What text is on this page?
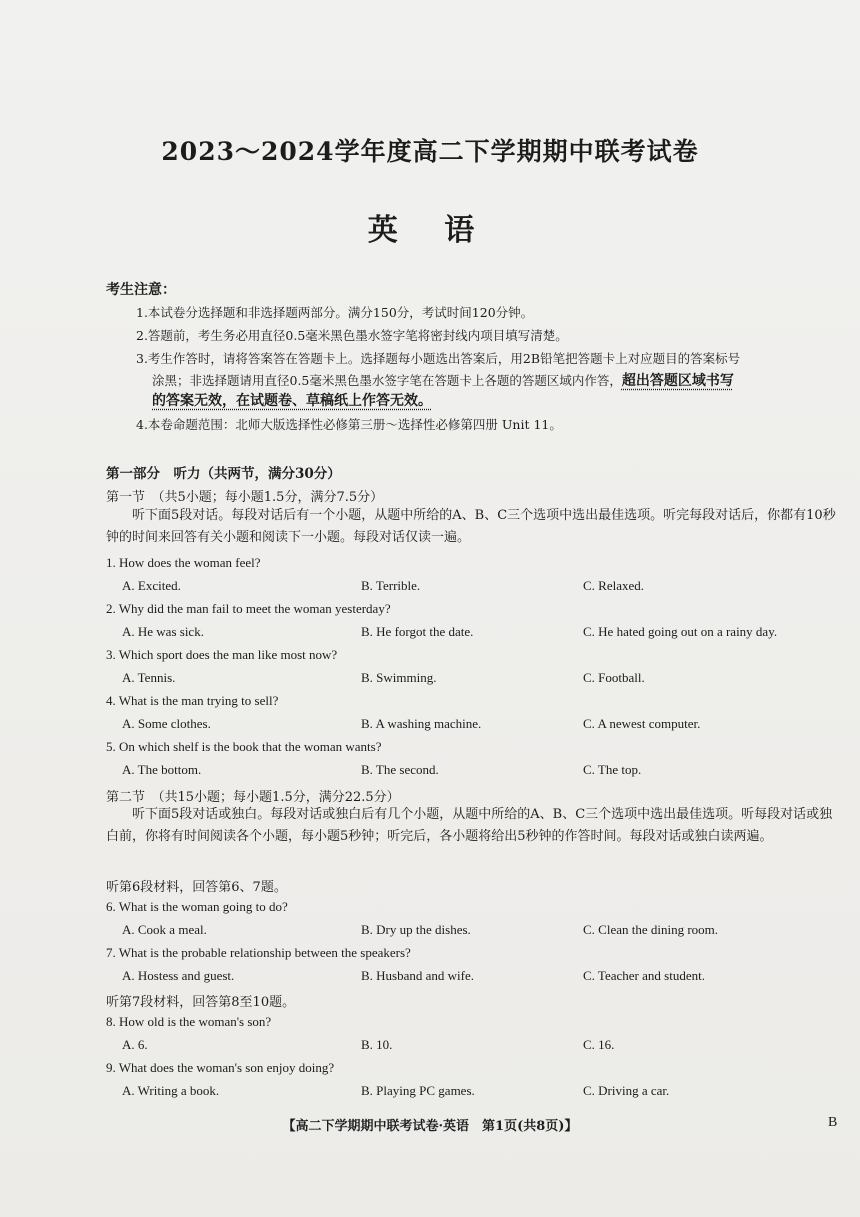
2023～2024学年度高二下学期期中联考试卷
英 语
考生注意：
1.本试卷分选择题和非选择题两部分。满分150分，考试时间120分钟。
2.答题前，考生务必用直径0.5毫米黑色墨水签字笔将密封线内项目填写清楚。
3.考生作答时，请将答案答在答题卡上。选择题每小题选出答案后，用2B铅笔把答题卡上对应题目的答案标号
涂黑；非选择题请用直径0.5毫米黑色墨水签字笔在答题卡上各题的答题区域内作答，超出答题区域书写
的答案无效，在试题卷、草稿纸上作答无效。
4.本卷命题范围：北师大版选择性必修第三册～选择性必修第四册 Unit 11。
第一部分　听力（共两节，满分30分）
第一节　（共5小题；每小题1.5分，满分7.5分）
听下面5段对话。每段对话后有一个小题，从题中所给的A、B、C三个选项中选出最佳选项。听完每段对话后，你都有10秒钟的时间来回答有关小题和阅读下一小题。每段对话仅读一遍。
1. How does the woman feel?
A. Excited.	B. Terrible.	C. Relaxed.
2. Why did the man fail to meet the woman yesterday?
A. He was sick.	B. He forgot the date.	C. He hated going out on a rainy day.
3. Which sport does the man like most now?
A. Tennis.	B. Swimming.	C. Football.
4. What is the man trying to sell?
A. Some clothes.	B. A washing machine.	C. A newest computer.
5. On which shelf is the book that the woman wants?
A. The bottom.	B. The second.	C. The top.
第二节　（共15小题；每小题1.5分，满分22.5分）
听下面5段对话或独白。每段对话或独白后有几个小题，从题中所给的A、B、C三个选项中选出最佳选项。听每段对话或独白前，你将有时间阅读各个小题，每小题5秒钟；听完后，各小题将给出5秒钟的作答时间。每段对话或独白读两遍。
听第6段材料，回答第6、7题。
6. What is the woman going to do?
A. Cook a meal.	B. Dry up the dishes.	C. Clean the dining room.
7. What is the probable relationship between the speakers?
A. Hostess and guest.	B. Husband and wife.	C. Teacher and student.
听第7段材料，回答第8至10题。
8. How old is the woman's son?
A. 6.	B. 10.	C. 16.
9. What does the woman's son enjoy doing?
A. Writing a book.	B. Playing PC games.	C. Driving a car.
【高二下学期期中联考试卷·英语　第1页(共8页)】	B
